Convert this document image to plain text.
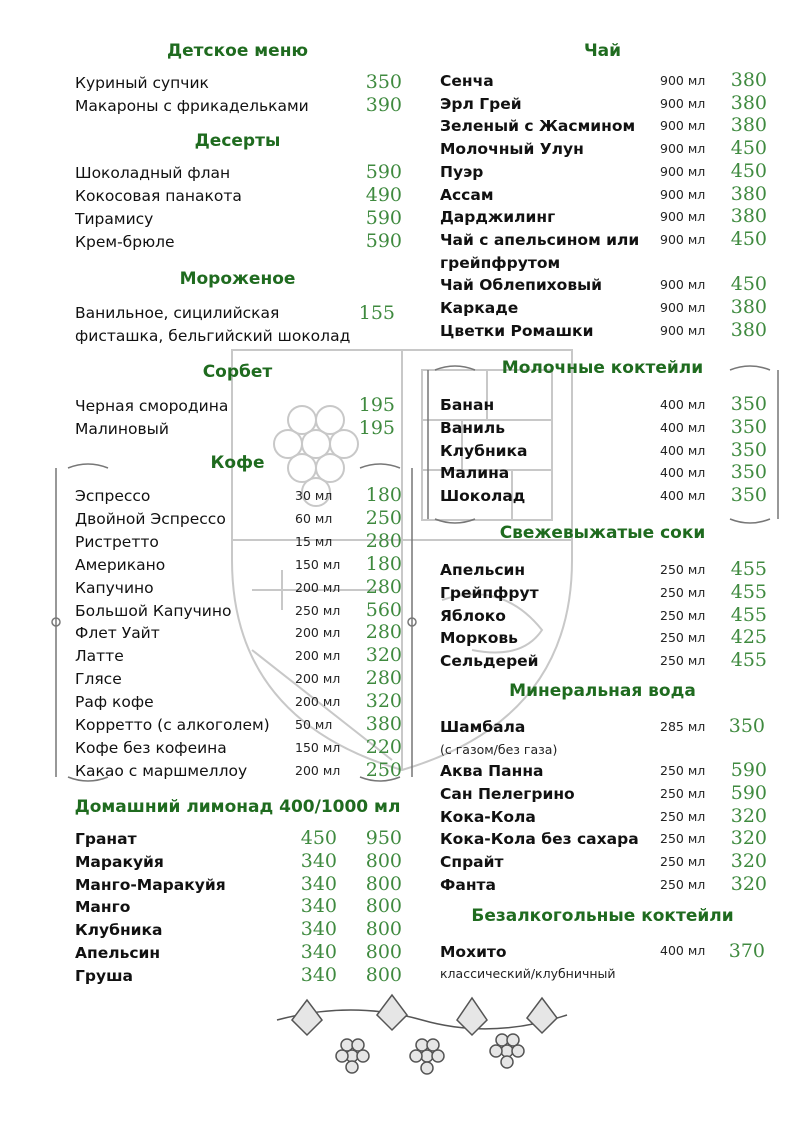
Детское меню
Десерты
Мороженое
Ванильное, сицилийская
фисташка, бельгийский шоколад
155
Сорбет
Кофе
Домашний лимонад 400/1000 мл
Чай
Молочные коктейли
Свежевыжатые соки
Минеральная вода
Шамбала	285 мл	350
(с газом/без газа)
Безалкогольные коктейли
Мохито	400 мл	370
классический/клубничный
Куриный супчик	350
Макароны с фрикадельками	390
Шоколадный флан	590
Кокосовая панакота	490
Тирамису	590
Крем-брюле	590
Черная смородина	195
Малиновый	195
Эспрессо	30 мл	180
Двойной Эспрессо	60 мл	250
Ристретто	15 мл	280
Американо	150 мл	180
Капучино	200 мл	280
Большой Капучино	250 мл	560
Флет Уайт	200 мл	280
Латте	200 мл	320
Глясе	200 мл	280
Раф кофе	200 мл	320
Корретто (с алкоголем) 50 мл	380
Кофе без кофеина	150 мл	220
Какао с маршмеллоу	200 мл	250
Сенча	900 мл	380
Эрл Грей	900 мл	380
Зеленый с Жасмином 900 мл	380
Молочный Улун	900 мл	450
Пуэр	900 мл	450
Ассам	900 мл	380
Дарджилинг	900 мл	380
Чай с апельсином или 900 мл	450
грейпфрутом
Чай Облепиховый	900 мл	450
Каркаде	900 мл	380
Цветки Ромашки	900 мл	380
Банан	400 мл	350
Ваниль	400 мл	350
Клубника	400 мл	350
Малина	400 мл	350
Шоколад	400 мл	350
Апельсин	250 мл	455
Грейпфрут	250 мл	455
Яблоко	250 мл	455
Морковь	250 мл	425
Сельдерей	250 мл	455
Аква Панна	250 мл	590
Сан Пелегрино	250 мл	590
Кока-Кола	250 мл	320
Кока-Кола без сахара 250 мл	320
Спрайт	250 мл	320
Фанта	250 мл	320
Гранат	450	950
Маракуйя	340	800
Манго-Маракуйя	340	800
Манго	340	800
Клубника	340	800
Апельсин	340	800
Груша	340	800
